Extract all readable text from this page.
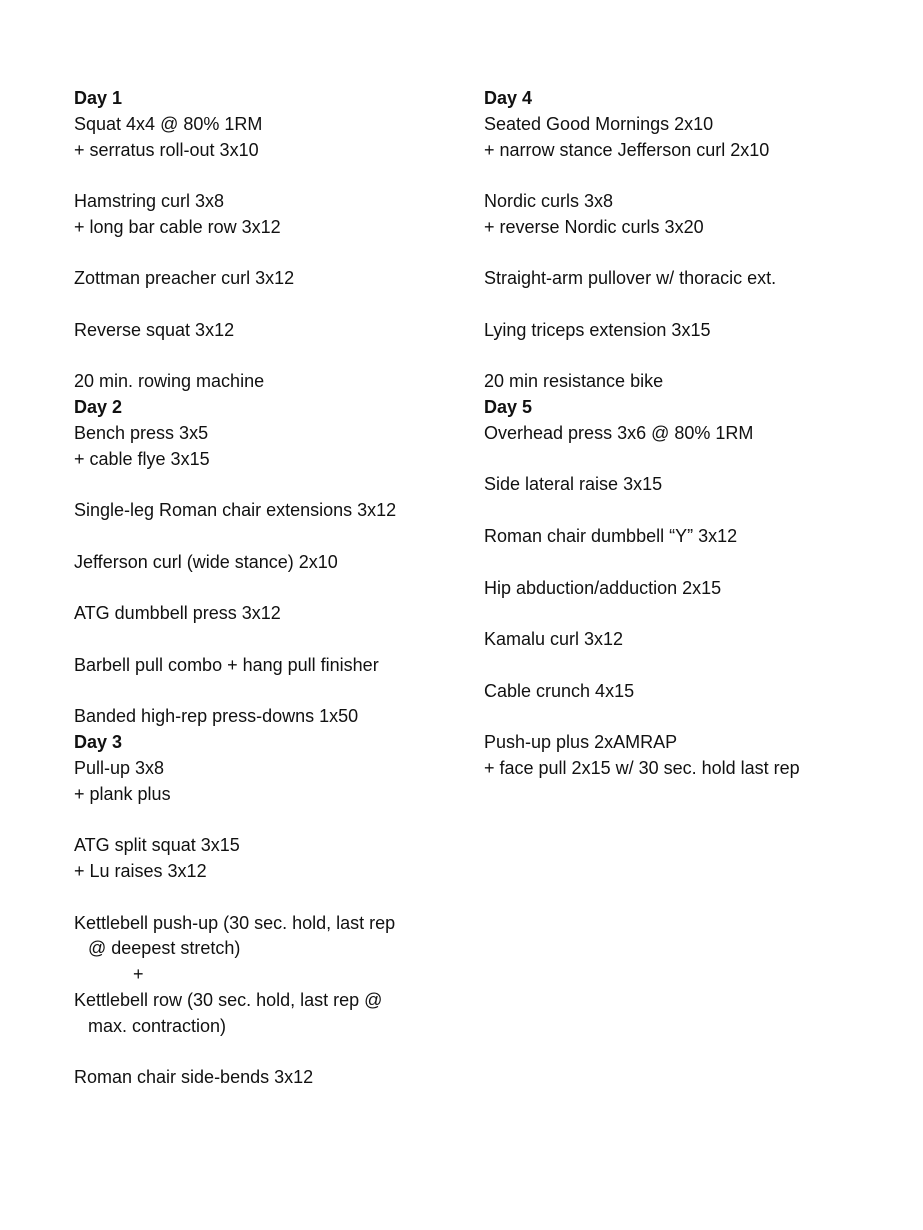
Day 1
Squat 4x4 @ 80% 1RM
+ serratus roll-out 3x10
Hamstring curl 3x8
+ long bar cable row 3x12
Zottman preacher curl 3x12
Reverse squat 3x12
20 min. rowing machine
Day 2
Bench press 3x5
+ cable flye 3x15
Single-leg Roman chair extensions 3x12
Jefferson curl (wide stance) 2x10
ATG dumbbell press 3x12
Barbell pull combo + hang pull finisher
Banded high-rep press-downs 1x50
Day 3
Pull-up 3x8
+ plank plus
ATG split squat 3x15
+ Lu raises 3x12
Kettlebell push-up (30 sec. hold, last rep
@ deepest stretch)
+
Kettlebell row (30 sec. hold, last rep @
max. contraction)
Roman chair side-bends 3x12
Day 4
Seated Good Mornings 2x10
+ narrow stance Jefferson curl 2x10
Nordic curls 3x8
+ reverse Nordic curls 3x20
Straight-arm pullover w/ thoracic ext.
Lying triceps extension 3x15
20 min resistance bike
Day 5
Overhead press 3x6 @ 80% 1RM
Side lateral raise 3x15
Roman chair dumbbell “Y” 3x12
Hip abduction/adduction 2x15
Kamalu curl 3x12
Cable crunch 4x15
Push-up plus 2xAMRAP
+ face pull 2x15 w/ 30 sec. hold last rep
